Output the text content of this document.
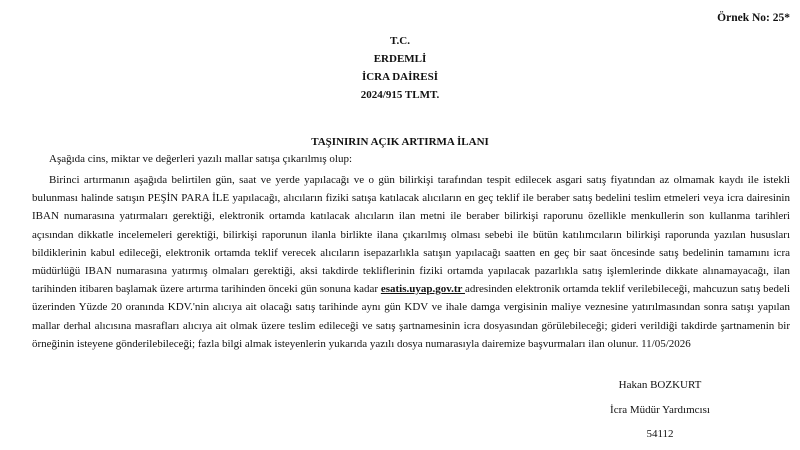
Örnek No: 25*
T.C.
ERDEMLİ
İCRA DAİRESİ
2024/915 TLMT.
TAŞINIRIN AÇIK ARTIRMA İLANI
Aşağıda cins, miktar ve değerleri yazılı mallar satışa çıkarılmış olup:

Birinci artırmanın aşağıda belirtilen gün, saat ve yerde yapılacağı ve o gün bilirkişi tarafından tespit edilecek asgari satış fiyatından az olmamak kaydı ile istekli bulunması halinde satışın PEŞİN PARA İLE yapılacağı, alıcıların fiziki satışa katılacak alıcıların en geç teklif ile beraber satış bedelini teslim etmeleri veya icra dairesinin IBAN numarasına yatırmaları gerektiği, elektronik ortamda katılacak alıcıların ilan metni ile beraber bilirkişi raporunu özellikle menkullerin son kullanma tarihleri açısından dikkatle incelemeleri gerektiği, bilirkişi raporunun ilanla birlikte ilana çıkarılmış olması sebebi ile bütün katılımcıların bilirkişi raporunda yazılan hususları bildiklerinin kabul edileceği, elektronik ortamda teklif verecek alıcıların isepazarlıkla satışın yapılacağı saatten en geç bir saat öncesinde satış bedelinin tamamını icra müdürlüğü IBAN numarasına yatırmış olmaları gerektiği, aksi takdirde tekliflerinin fiziki ortamda yapılacak pazarlıkla satış işlemlerinde dikkate alınamayacağı, ilan tarihinden itibaren başlamak üzere artırma tarihinden önceki gün sonuna kadar esatis.uyap.gov.tr adresinden elektronik ortamda teklif verilebileceği, mahcuzun satış bedeli üzerinden Yüzde 20 oranında KDV.'nin alıcıya ait olacağı satış tarihinde aynı gün KDV ve ihale damga vergisinin maliye veznesine yatırılmasından sonra satışı yapılan mallar derhal alıcısına masrafları alıcıya ait olmak üzere teslim edileceği ve satış şartnamesinin icra dosyasından görülebileceği; gideri verildiği takdirde şartnamenin bir örneğinin isteyene gönderilebileceği; fazla bilgi almak isteyenlerin yukarıda yazılı dosya numarasıyla dairemize başvurmaları ilan olunur. 11/05/2026

Hakan BOZKURT
İcra Müdür Yardımcısı
54112
